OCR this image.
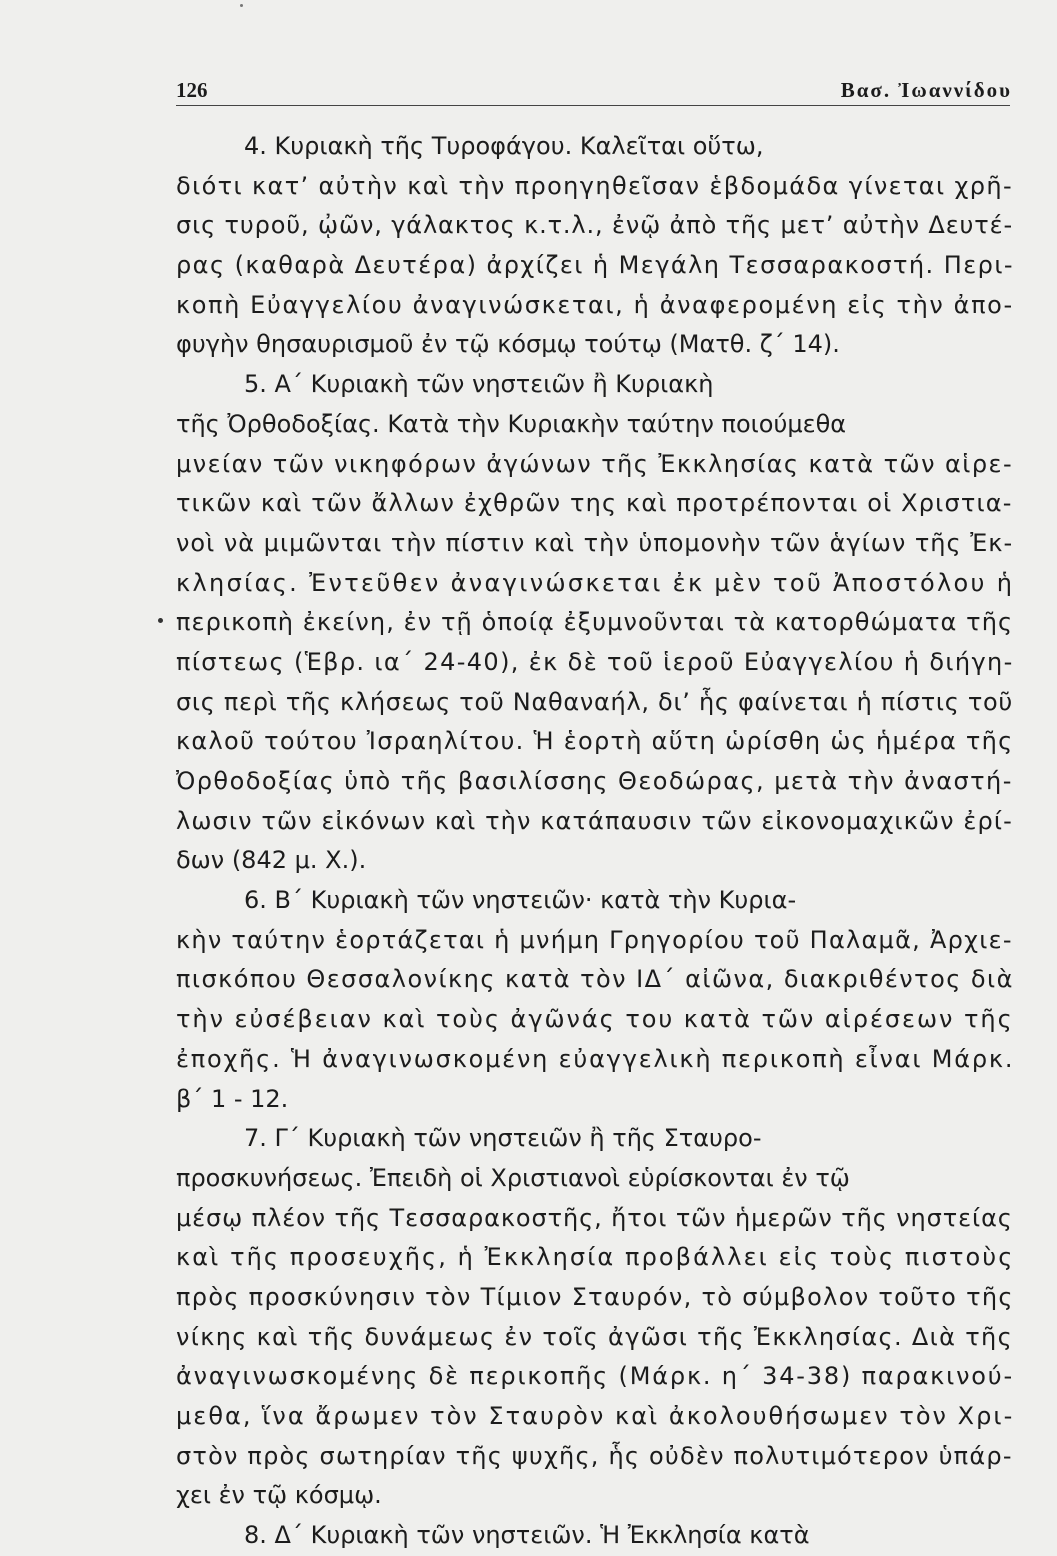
126	Βασ. Ἰωαννίδου
4. Κυριακὴ τῆς Τυροφάγου. Καλεῖται οὕτω,
διότι κατ’ αὐτὴν καὶ τὴν προηγηθεῖσαν ἑβδομάδα γίνεται χρῆ-
σις τυροῦ, ᾠῶν, γάλακτος κ.τ.λ., ἐνῷ ἀπὸ τῆς μετ’ αὐτὴν Δευτέ-
ρας (καθαρὰ Δευτέρα) ἀρχίζει ἡ Μεγάλη Τεσσαρακοστή. Περι-
κοπὴ Εὐαγγελίου ἀναγινώσκεται, ἡ ἀναφερομένη εἰς τὴν ἀπο-
φυγὴν θησαυρισμοῦ ἐν τῷ κόσμῳ τούτῳ (Ματθ. ζ΄ 14).
5. Α΄ Κυριακὴ τῶν νηστειῶν ἢ Κυριακὴ
τῆς Ὀρθοδοξίας. Κατὰ τὴν Κυριακὴν ταύτην ποιούμεθα
μνείαν τῶν νικηφόρων ἀγώνων τῆς Ἐκκλησίας κατὰ τῶν αἱρε-
τικῶν καὶ τῶν ἄλλων ἐχθρῶν της καὶ προτρέπονται οἱ Χριστια-
νοὶ νὰ μιμῶνται τὴν πίστιν καὶ τὴν ὑπομονὴν τῶν ἁγίων τῆς Ἐκ-
κλησίας. Ἐντεῦθεν ἀναγινώσκεται ἐκ μὲν τοῦ Ἀποστόλου ἡ
περικοπὴ ἐκείνη, ἐν τῇ ὁποίᾳ ἐξυμνοῦνται τὰ κατορθώματα τῆς
πίστεως (Ἑβρ. ια΄ 24-40), ἐκ δὲ τοῦ ἱεροῦ Εὐαγγελίου ἡ διήγη-
σις περὶ τῆς κλήσεως τοῦ Ναθαναήλ, δι’ ἧς φαίνεται ἡ πίστις τοῦ
καλοῦ τούτου Ἰσραηλίτου. Ἡ ἑορτὴ αὕτη ὡρίσθη ὡς ἡμέρα τῆς
Ὀρθοδοξίας ὑπὸ τῆς βασιλίσσης Θεοδώρας, μετὰ τὴν ἀναστή-
λωσιν τῶν εἰκόνων καὶ τὴν κατάπαυσιν τῶν εἰκονομαχικῶν ἐρί-
δων (842 μ. Χ.).
6. Β΄ Κυριακὴ τῶν νηστειῶν· κατὰ τὴν Κυρια-
κὴν ταύτην ἑορτάζεται ἡ μνήμη Γρηγορίου τοῦ Παλαμᾶ, Ἀρχιε-
πισκόπου Θεσσαλονίκης κατὰ τὸν ΙΔ΄ αἰῶνα, διακριθέντος διὰ
τὴν εὐσέβειαν καὶ τοὺς ἀγῶνάς του κατὰ τῶν αἱρέσεων τῆς
ἐποχῆς. Ἡ ἀναγινωσκομένη εὐαγγελικὴ περικοπὴ εἶναι Μάρκ.
β΄ 1 - 12.
7. Γ΄ Κυριακὴ τῶν νηστειῶν ἢ τῆς Σταυρο-
προσκυνήσεως. Ἐπειδὴ οἱ Χριστιανοὶ εὑρίσκονται ἐν τῷ
μέσῳ πλέον τῆς Τεσσαρακοστῆς, ἤτοι τῶν ἡμερῶν τῆς νηστείας
καὶ τῆς προσευχῆς, ἡ Ἐκκλησία προβάλλει εἰς τοὺς πιστοὺς
πρὸς προσκύνησιν τὸν Τίμιον Σταυρόν, τὸ σύμβολον τοῦτο τῆς
νίκης καὶ τῆς δυνάμεως ἐν τοῖς ἀγῶσι τῆς Ἐκκλησίας. Διὰ τῆς
ἀναγινωσκομένης δὲ περικοπῆς (Μάρκ. η΄ 34-38) παρακινού-
μεθα, ἵνα ἄρωμεν τὸν Σταυρὸν καὶ ἀκολουθήσωμεν τὸν Χρι-
στὸν πρὸς σωτηρίαν τῆς ψυχῆς, ἧς οὐδὲν πολυτιμότερον ὑπάρ-
χει ἐν τῷ κόσμῳ.
8. Δ΄ Κυριακὴ τῶν νηστειῶν. Ἡ Ἐκκλησία κατὰ
